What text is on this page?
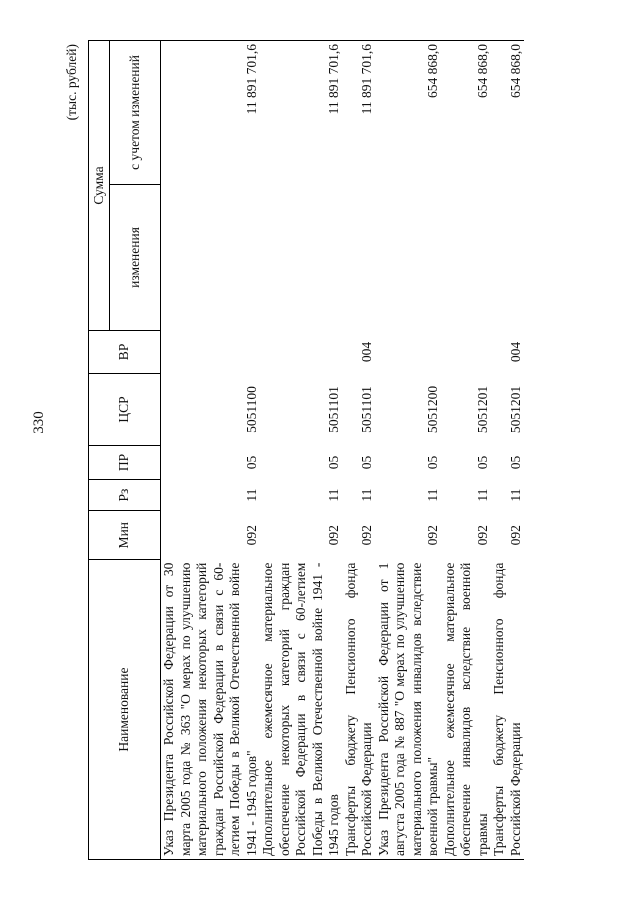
330
(тыс. рублей)
Наименование	Мин	Рз	ПР	ЦСР	ВР	Сумма	
						изменения	с учетом изменений
Указ Президента Российской Федерации от 30 марта 2005 года № 363 "О мерах по улучшению материального положения некоторых категорий граждан Российской Федерации в связи с 60-летием Победы в Великой Отечественной войне 1941 - 1945 годов"	092	11	05	5051100			11 891 701,6
Дополнительное ежемесячное материальное обеспечение некоторых категорий граждан Российской Федерации в связи с 60-летием Победы в Великой Отечественной войне 1941 - 1945 годов	092	11	05	5051101			11 891 701,6
Трансферты бюджету Пенсионного фонда Российской Федерации	092	11	05	5051101	004		11 891 701,6
Указ Президента Российской Федерации от 1 августа 2005 года № 887 "О мерах по улучшению материального положения инвалидов вследствие военной травмы"	092	11	05	5051200			654 868,0
Дополнительное ежемесячное материальное обеспечение инвалидов вследствие военной травмы	092	11	05	5051201			654 868,0
Трансферты бюджету Пенсионного фонда Российской Федерации	092	11	05	5051201	004		654 868,0
